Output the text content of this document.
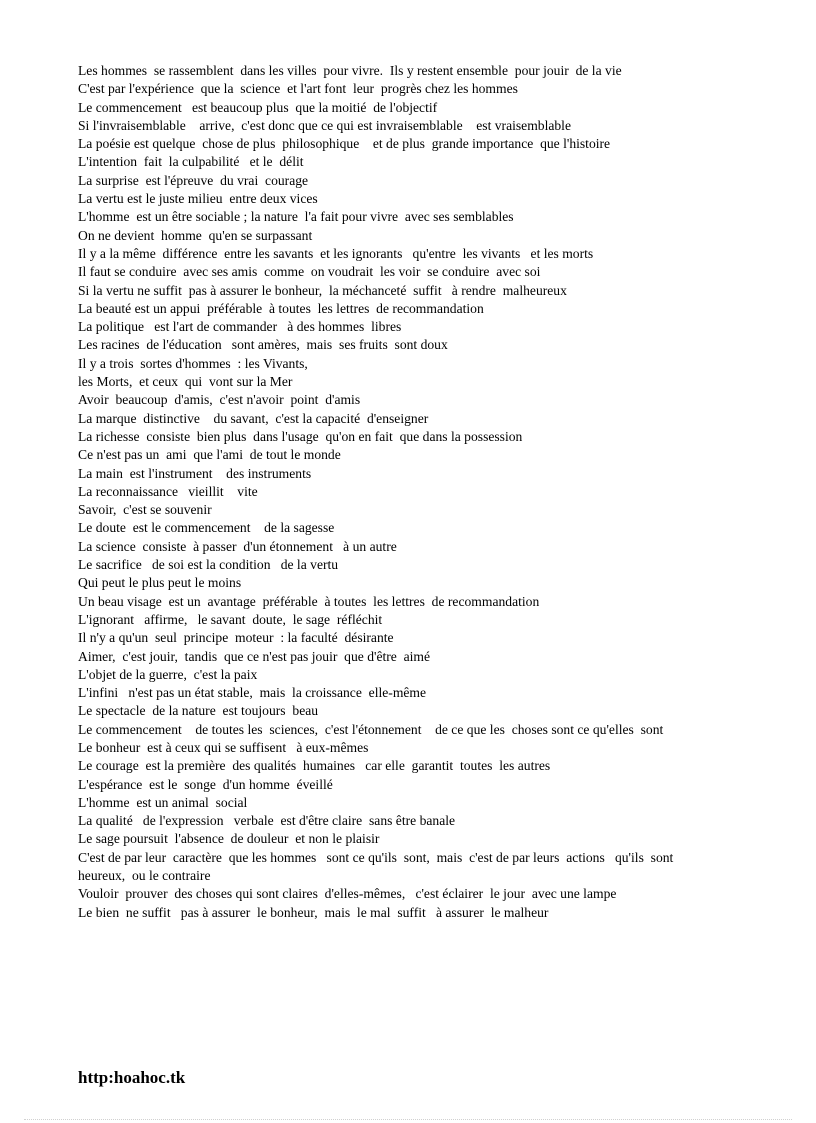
Les hommes  se rassemblent  dans les villes  pour vivre.  Ils y restent ensemble  pour jouir  de la vie
C'est par l'expérience  que la  science  et l'art font  leur  progrès chez les hommes
Le commencement   est beaucoup plus  que la moitié  de l'objectif
Si l'invraisemblable    arrive,  c'est donc que ce qui est invraisemblable    est vraisemblable
La poésie est quelque  chose de plus  philosophique    et de plus  grande importance  que l'histoire
L'intention  fait  la culpabilité   et le  délit
La surprise  est l'épreuve  du vrai  courage
La vertu est le juste milieu  entre deux vices
L'homme  est un être sociable ; la nature  l'a fait pour vivre  avec ses semblables
On ne devient  homme  qu'en se surpassant
Il y a la même  différence  entre les savants  et les ignorants   qu'entre  les vivants   et les morts
Il faut se conduire  avec ses amis  comme  on voudrait  les voir  se conduire  avec soi
Si la vertu ne suffit  pas à assurer le bonheur,  la méchanceté  suffit   à rendre  malheureux
La beauté est un appui  préférable  à toutes  les lettres  de recommandation
La politique   est l'art de commander   à des hommes  libres
Les racines  de l'éducation   sont amères,  mais  ses fruits  sont doux
Il y a trois  sortes d'hommes  : les Vivants,
les Morts,  et ceux  qui  vont sur la Mer
Avoir  beaucoup  d'amis,  c'est n'avoir  point  d'amis
La marque  distinctive    du savant,  c'est la capacité  d'enseigner
La richesse  consiste  bien plus  dans l'usage  qu'on en fait  que dans la possession
Ce n'est pas un  ami  que l'ami  de tout le monde
La main  est l'instrument    des instruments
La reconnaissance   vieillit    vite
Savoir,  c'est se souvenir
Le doute  est le commencement    de la sagesse
La science  consiste  à passer  d'un étonnement   à un autre
Le sacrifice   de soi est la condition   de la vertu
Qui peut le plus peut le moins
Un beau visage  est un  avantage  préférable  à toutes  les lettres  de recommandation
L'ignorant   affirme,   le savant  doute,  le sage  réfléchit
Il n'y a qu'un  seul  principe  moteur  : la faculté  désirante
Aimer,  c'est jouir,  tandis  que ce n'est pas jouir  que d'être  aimé
L'objet de la guerre,  c'est la paix
L'infini   n'est pas un état stable,  mais  la croissance  elle-même
Le spectacle  de la nature  est toujours  beau
Le commencement    de toutes les  sciences,  c'est l'étonnement    de ce que les  choses sont ce qu'elles  sont
Le bonheur  est à ceux qui se suffisent   à eux-mêmes
Le courage  est la première  des qualités  humaines   car elle  garantit  toutes  les autres
L'espérance  est le  songe  d'un homme  éveillé
L'homme  est un animal  social
La qualité   de l'expression   verbale  est d'être claire  sans être banale
Le sage poursuit  l'absence  de douleur  et non le plaisir
C'est de par leur  caractère  que les hommes   sont ce qu'ils  sont,  mais  c'est de par leurs  actions   qu'ils  sont
heureux,  ou le contraire
Vouloir  prouver  des choses qui sont claires  d'elles-mêmes,   c'est éclairer  le jour  avec une lampe
Le bien  ne suffit   pas à assurer  le bonheur,  mais  le mal  suffit   à assurer  le malheur

http:hoahoc.tk
